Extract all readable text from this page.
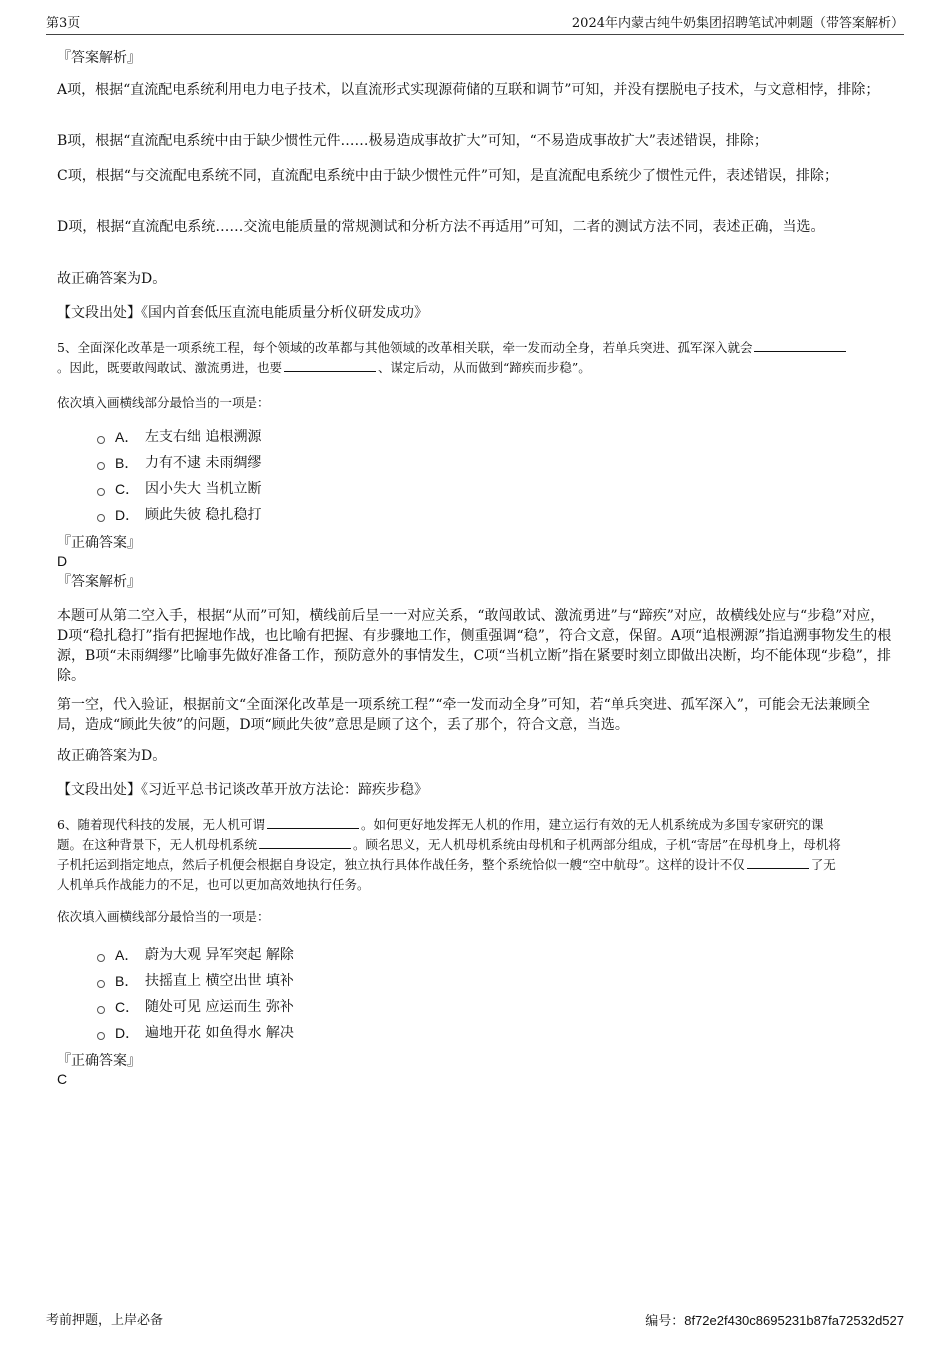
第3页	2024年内蒙古纯牛奶集团招聘笔试冲刺题（带答案解析）
『答案解析』
A项，根据“直流配电系统利用电力电子技术，以直流形式实现源荷储的互联和调节”可知，并没有摆脱电子技术，与文意相悖，排除；
B项，根据“直流配电系统中由于缺少惯性元件……极易造成事故扩大”可知，“不易造成事故扩大”表述错误，排除；
C项，根据“与交流配电系统不同，直流配电系统中由于缺少惯性元件”可知，是直流配电系统少了惯性元件，表述错误，排除；
D项，根据“直流配电系统……交流电能质量的常规测试和分析方法不再适用”可知，二者的测试方法不同，表述正确，当选。
故正确答案为D。
【文段出处】《国内首套低压直流电能质量分析仪研发成功》
5、全面深化改革是一项系统工程，每个领域的改革都与其他领域的改革相关联，牵一发而动全身，若单兵突进、孤军深入就会
。因此，既要敢闯敢试、激流勇进，也要	、谋定后动，从而做到“蹄疾而步稳”。
依次填入画横线部分最恰当的一项是：
A． 左支右绌 追根溯源
B． 力有不逮 未雨绸缪
C． 因小失大 当机立断
D． 顾此失彼 稳扎稳打
『正确答案』
D
『答案解析』
本题可从第二空入手，根据“从而”可知，横线前后呈一一对应关系，“敢闯敢试、激流勇进”与“蹄疾”对应，故横线处应与“步稳”对应，D项“稳扎稳打”指有把握地作战，也比喻有把握、有步骤地工作，侧重强调“稳”，符合文意，保留。A项“追根溯源”指追溯事物发生的根源，B项“未雨绸缪”比喻事先做好准备工作，预防意外的事情发生，C项“当机立断”指在紧要时刻立即做出决断，均不能体现“步稳”，排除。
第一空，代入验证，根据前文“全面深化改革是一项系统工程”“牵一发而动全身”可知，若“单兵突进、孤军深入”，可能会无法兼顾全局，造成“顾此失彼”的问题，D项“顾此失彼”意思是顾了这个，丢了那个，符合文意，当选。
故正确答案为D。
【文段出处】《习近平总书记谈改革开放方法论：蹄疾步稳》
6、随着现代科技的发展，无人机可谓	。如何更好地发挥无人机的作用，建立运行有效的无人机系统成为多国专家研究的课
题。在这种背景下，无人机母机系统	。顾名思义，无人机母机系统由母机和子机两部分组成，子机“寄居”在母机身上，母机将
子机托运到指定地点，然后子机便会根据自身设定，独立执行具体作战任务，整个系统恰似一艘“空中航母”。这样的设计不仅	了无
人机单兵作战能力的不足，也可以更加高效地执行任务。
依次填入画横线部分最恰当的一项是：
A． 蔚为大观 异军突起 解除
B． 扶摇直上 横空出世 填补
C． 随处可见 应运而生 弥补
D． 遍地开花 如鱼得水 解决
『正确答案』
C
考前押题，上岸必备	编号：8f72e2f430c8695231b87fa72532d527
